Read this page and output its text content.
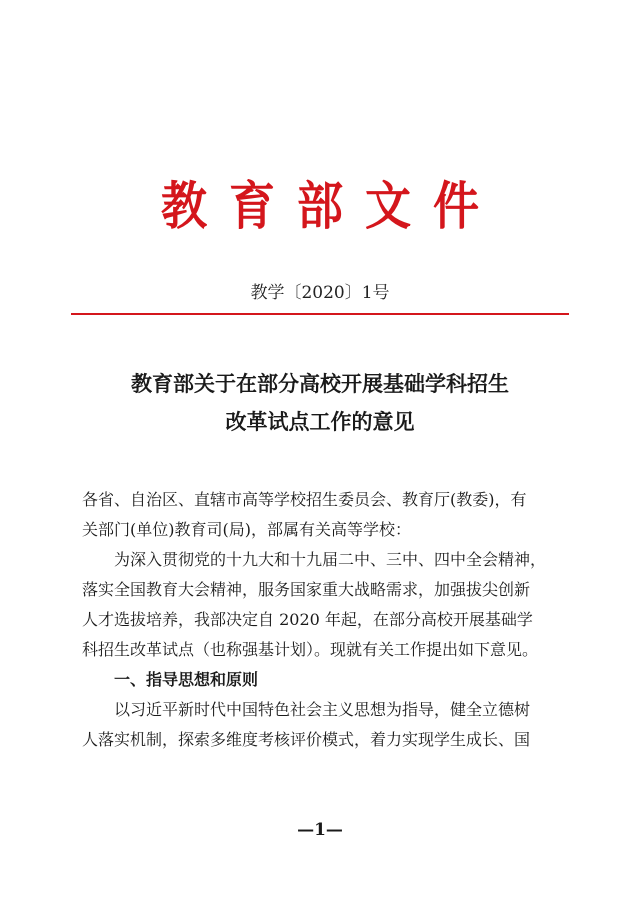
教育部文件
教学〔2020〕1号
教育部关于在部分高校开展基础学科招生
改革试点工作的意见

各省、自治区、直辖市高等学校招生委员会、教育厅(教委)，有

关部门(单位)教育司(局)，部属有关高等学校：

为深入贯彻党的十九大和十九届二中、三中、四中全会精神，

落实全国教育大会精神，服务国家重大战略需求，加强拔尖创新

人才选拔培养，我部决定自 2020 年起，在部分高校开展基础学

科招生改革试点（也称强基计划）。现就有关工作提出如下意见。

一、指导思想和原则

以习近平新时代中国特色社会主义思想为指导，健全立德树

人落实机制，探索多维度考核评价模式，着力实现学生成长、国

—1—
